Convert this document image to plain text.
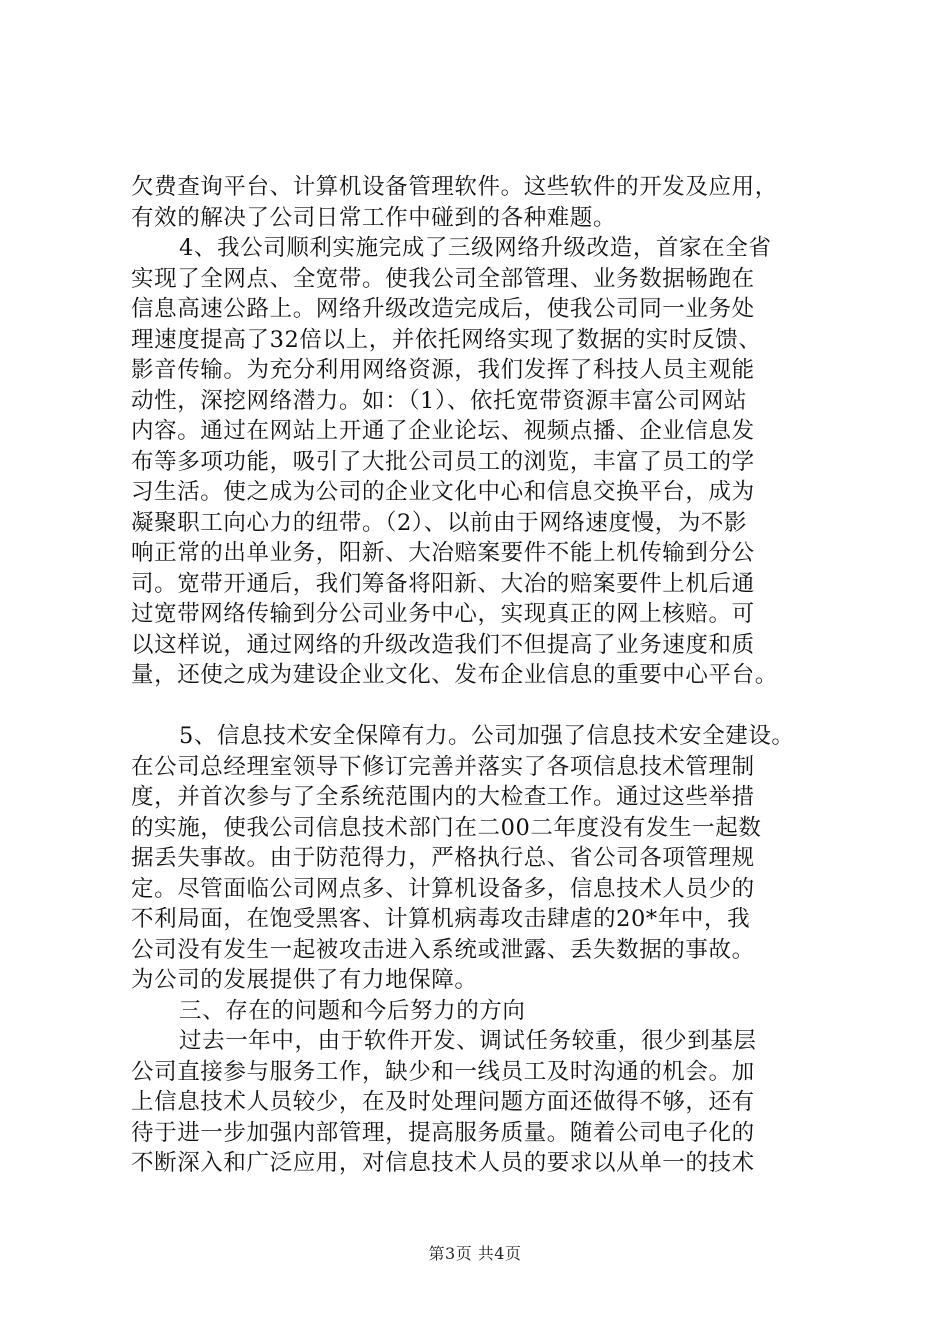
欠费查询平台、计算机设备管理软件。这些软件的开发及应用，
有效的解决了公司日常工作中碰到的各种难题。
4、我公司顺利实施完成了三级网络升级改造，首家在全省
实现了全网点、全宽带。使我公司全部管理、业务数据畅跑在
信息高速公路上。网络升级改造完成后，使我公司同一业务处
理速度提高了32倍以上，并依托网络实现了数据的实时反馈、
影音传输。为充分利用网络资源，我们发挥了科技人员主观能
动性，深挖网络潜力。如：（1）、依托宽带资源丰富公司网站
内容。通过在网站上开通了企业论坛、视频点播、企业信息发
布等多项功能，吸引了大批公司员工的浏览，丰富了员工的学
习生活。使之成为公司的企业文化中心和信息交换平台，成为
凝聚职工向心力的纽带。（2）、以前由于网络速度慢，为不影
响正常的出单业务，阳新、大冶赔案要件不能上机传输到分公
司。宽带开通后，我们筹备将阳新、大冶的赔案要件上机后通
过宽带网络传输到分公司业务中心，实现真正的网上核赔。可
以这样说，通过网络的升级改造我们不但提高了业务速度和质
量，还使之成为建设企业文化、发布企业信息的重要中心平台。
5、信息技术安全保障有力。公司加强了信息技术安全建设。
在公司总经理室领导下修订完善并落实了各项信息技术管理制
度，并首次参与了全系统范围内的大检查工作。通过这些举措
的实施，使我公司信息技术部门在二00二年度没有发生一起数
据丢失事故。由于防范得力，严格执行总、省公司各项管理规
定。尽管面临公司网点多、计算机设备多，信息技术人员少的
不利局面，在饱受黑客、计算机病毒攻击肆虐的20*年中，我
公司没有发生一起被攻击进入系统或泄露、丢失数据的事故。
为公司的发展提供了有力地保障。
三、存在的问题和今后努力的方向
过去一年中，由于软件开发、调试任务较重，很少到基层
公司直接参与服务工作，缺少和一线员工及时沟通的机会。加
上信息技术人员较少，在及时处理问题方面还做得不够，还有
待于进一步加强内部管理，提高服务质量。随着公司电子化的
不断深入和广泛应用，对信息技术人员的要求以从单一的技术
第3页 共4页
